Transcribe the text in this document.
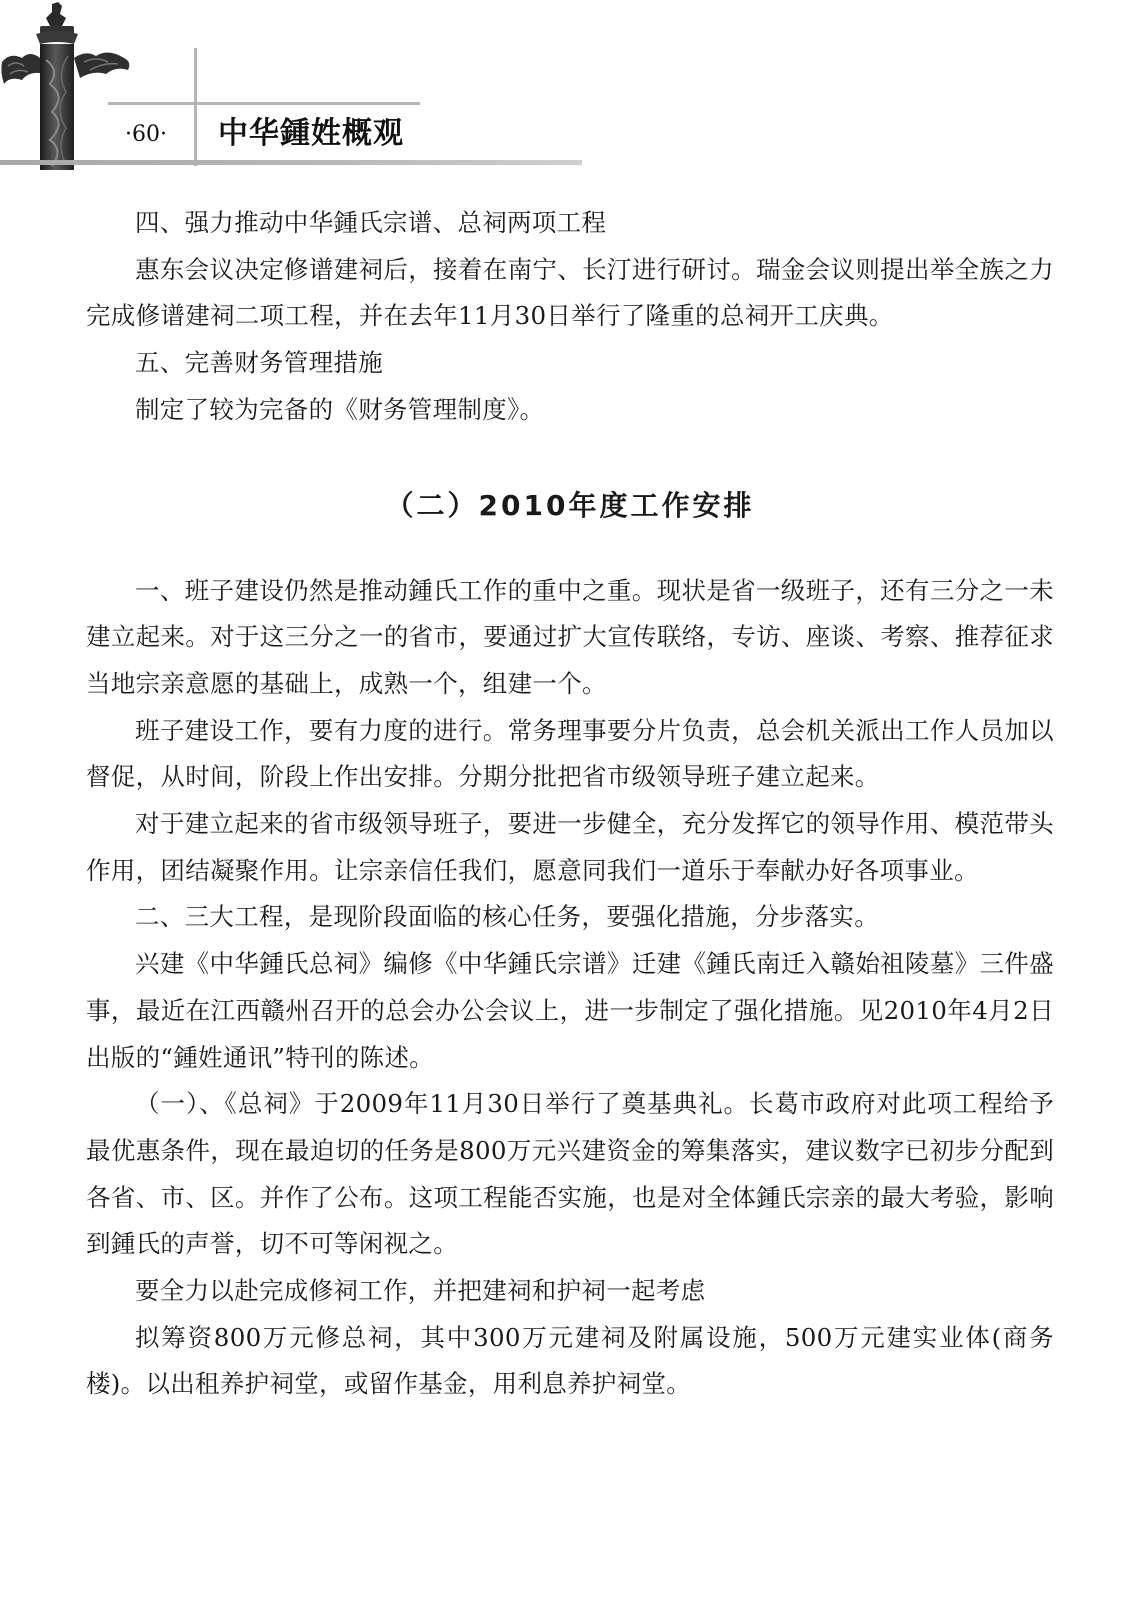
·60·	中华鍾姓概观

四、强力推动中华鍾氏宗谱、总祠两项工程

惠东会议决定修谱建祠后，接着在南宁、长汀进行研讨。瑞金会议则提出举全族之力完成修谱建祠二项工程，并在去年11月30日举行了隆重的总祠开工庆典。

五、完善财务管理措施

制定了较为完备的《财务管理制度》。

（二）2010年度工作安排

一、班子建设仍然是推动鍾氏工作的重中之重。现状是省一级班子，还有三分之一未建立起来。对于这三分之一的省市，要通过扩大宣传联络，专访、座谈、考察、推荐征求当地宗亲意愿的基础上，成熟一个，组建一个。

班子建设工作，要有力度的进行。常务理事要分片负责，总会机关派出工作人员加以督促，从时间，阶段上作出安排。分期分批把省市级领导班子建立起来。

对于建立起来的省市级领导班子，要进一步健全，充分发挥它的领导作用、模范带头作用，团结凝聚作用。让宗亲信任我们，愿意同我们一道乐于奉献办好各项事业。

二、三大工程，是现阶段面临的核心任务，要强化措施，分步落实。

兴建《中华鍾氏总祠》编修《中华鍾氏宗谱》迁建《鍾氏南迁入赣始祖陵墓》三件盛事，最近在江西赣州召开的总会办公会议上，进一步制定了强化措施。见2010年4月2日出版的“鍾姓通讯”特刊的陈述。

（一）、《总祠》于2009年11月30日举行了奠基典礼。长葛市政府对此项工程给予最优惠条件，现在最迫切的任务是800万元兴建资金的筹集落实，建议数字已初步分配到各省、市、区。并作了公布。这项工程能否实施，也是对全体鍾氏宗亲的最大考验，影响到鍾氏的声誉，切不可等闲视之。

要全力以赴完成修祠工作，并把建祠和护祠一起考虑

拟筹资800万元修总祠，其中300万元建祠及附属设施，500万元建实业体(商务楼)。以出租养护祠堂，或留作基金，用利息养护祠堂。
